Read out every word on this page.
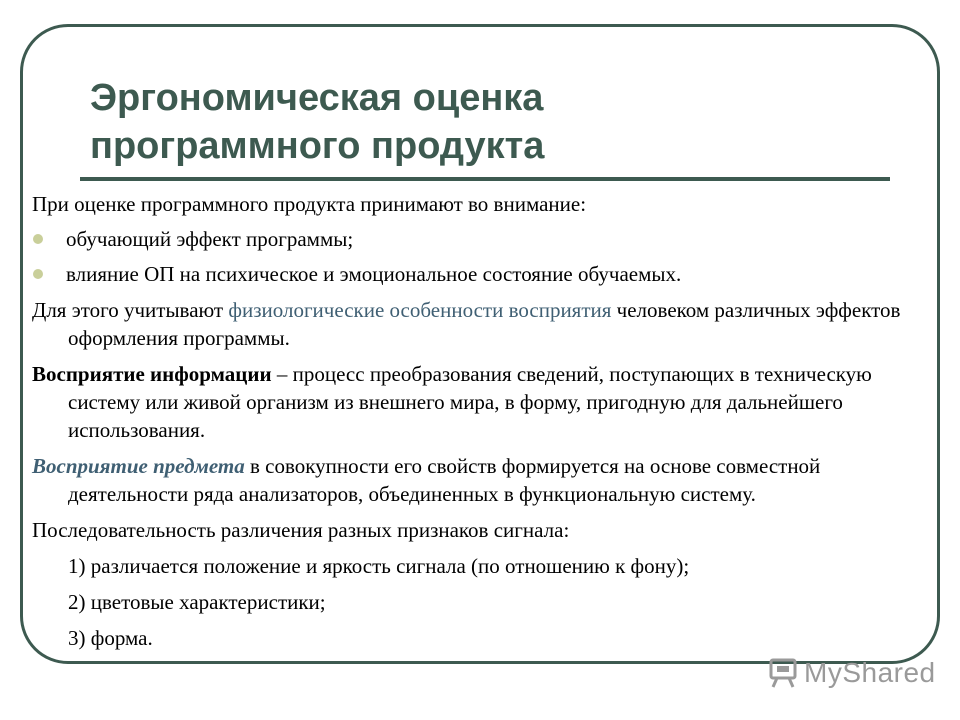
Эргономическая оценка
программного продукта

При оценке программного продукта принимают во внимание:

обучающий эффект программы;
влияние ОП на психическое и эмоциональное состояние обучаемых.

Для этого учитывают физиологические особенности восприятия человеком различных эффектов оформления программы.

Восприятие информации – процесс преобразования сведений, поступающих в техническую систему или живой организм из внешнего мира, в форму, пригодную для дальнейшего использования.

Восприятие предмета в совокупности его свойств формируется на основе совместной деятельности ряда анализаторов, объединенных в функциональную систему.

Последовательность различения разных признаков сигнала:

1) различается положение и яркость сигнала (по отношению к фону);

2) цветовые характеристики;

3) форма.

MyShared
